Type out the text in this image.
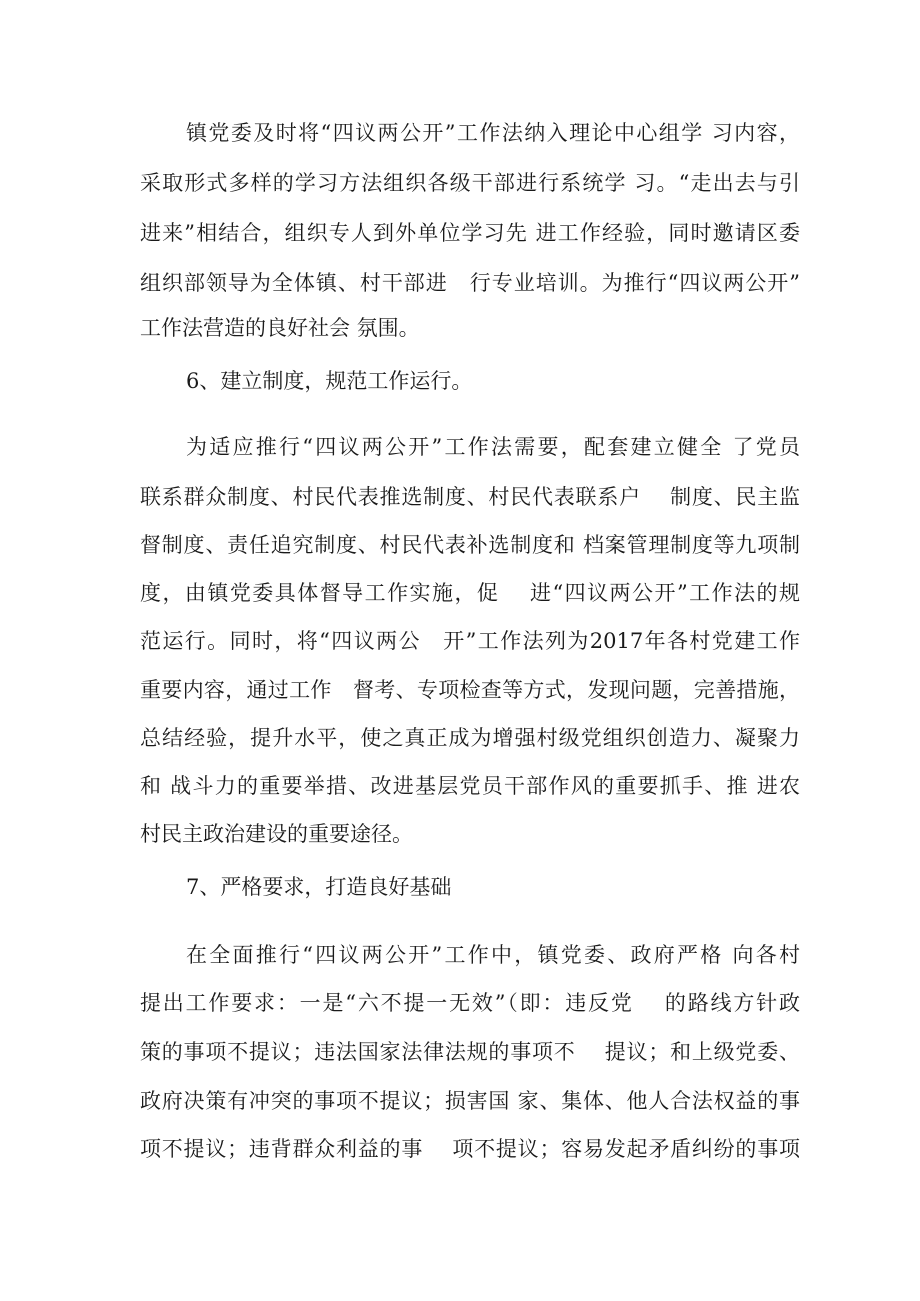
镇党委及时将“四议两公开”工作法纳入理论中心组学 习内容，
采取形式多样的学习方法组织各级干部进行系统学 习。“走出去与引
进来”相结合，组织专人到外单位学习先 进工作经验，同时邀请区委
组织部领导为全体镇、村干部进　行专业培训。为推行“四议两公开”
工作法营造的良好社会 氛围。
6、建立制度，规范工作运行。
为适应推行“四议两公开”工作法需要，配套建立健全 了党员
联系群众制度、村民代表推选制度、村民代表联系户　 制度、民主监
督制度、责任追究制度、村民代表补选制度和 档案管理制度等九项制
度，由镇党委具体督导工作实施，促　 进“四议两公开”工作法的规
范运行。同时，将“四议两公　开”工作法列为2017年各村党建工作
重要内容，通过工作　督考、专项检查等方式，发现问题，完善措施，
总结经验，提升水平，使之真正成为增强村级党组织创造力、凝聚力
和 战斗力的重要举措、改进基层党员干部作风的重要抓手、推 进农
村民主政治建设的重要途径。
7、严格要求，打造良好基础
在全面推行“四议两公开”工作中，镇党委、政府严格 向各村
提出工作要求：一是“六不提一无效”（即：违反党　 的路线方针政
策的事项不提议；违法国家法律法规的事项不　 提议；和上级党委、
政府决策有冲突的事项不提议；损害国 家、集体、他人合法权益的事
项不提议；违背群众利益的事　 项不提议；容易发起矛盾纠纷的事项
